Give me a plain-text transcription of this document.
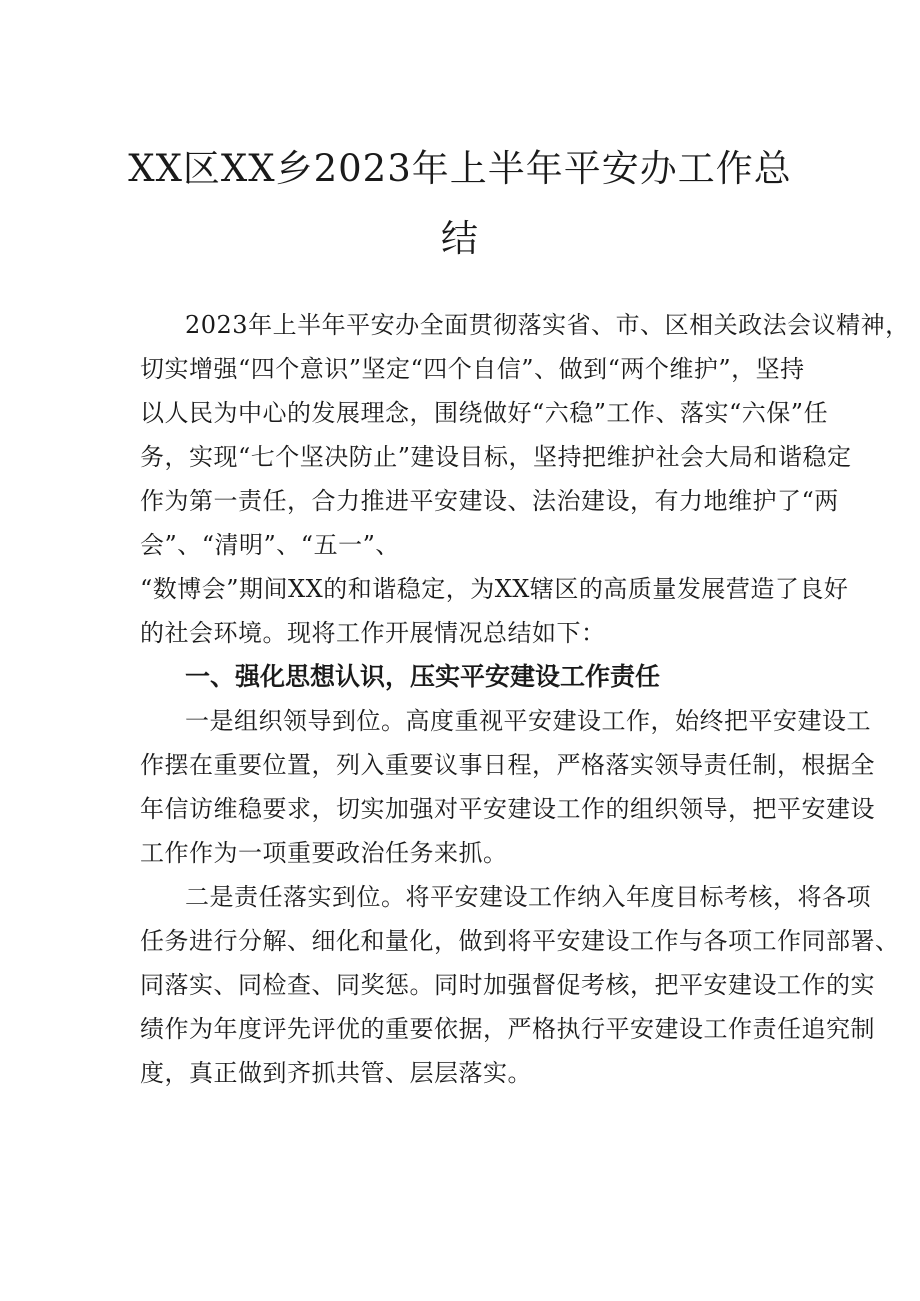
XX区XX乡2023年上半年平安办工作总
结
2023年上半年平安办全面贯彻落实省、市、区相关政法会议精神，
切实增强“四个意识”坚定“四个自信”、做到“两个维护”，坚持
以人民为中心的发展理念，围绕做好“六稳”工作、落实“六保”任
务，实现“七个坚决防止”建设目标，坚持把维护社会大局和谐稳定
作为第一责任，合力推进平安建设、法治建设，有力地维护了“两
会”、“清明”、“五一”、
“数博会”期间XX的和谐稳定，为XX辖区的高质量发展营造了良好
的社会环境。现将工作开展情况总结如下：
一、强化思想认识，压实平安建设工作责任
一是组织领导到位。高度重视平安建设工作，始终把平安建设工
作摆在重要位置，列入重要议事日程，严格落实领导责任制，根据全
年信访维稳要求，切实加强对平安建设工作的组织领导，把平安建设
工作作为一项重要政治任务来抓。
二是责任落实到位。将平安建设工作纳入年度目标考核，将各项
任务进行分解、细化和量化，做到将平安建设工作与各项工作同部署、
同落实、同检查、同奖惩。同时加强督促考核，把平安建设工作的实
绩作为年度评先评优的重要依据，严格执行平安建设工作责任追究制
度，真正做到齐抓共管、层层落实。
